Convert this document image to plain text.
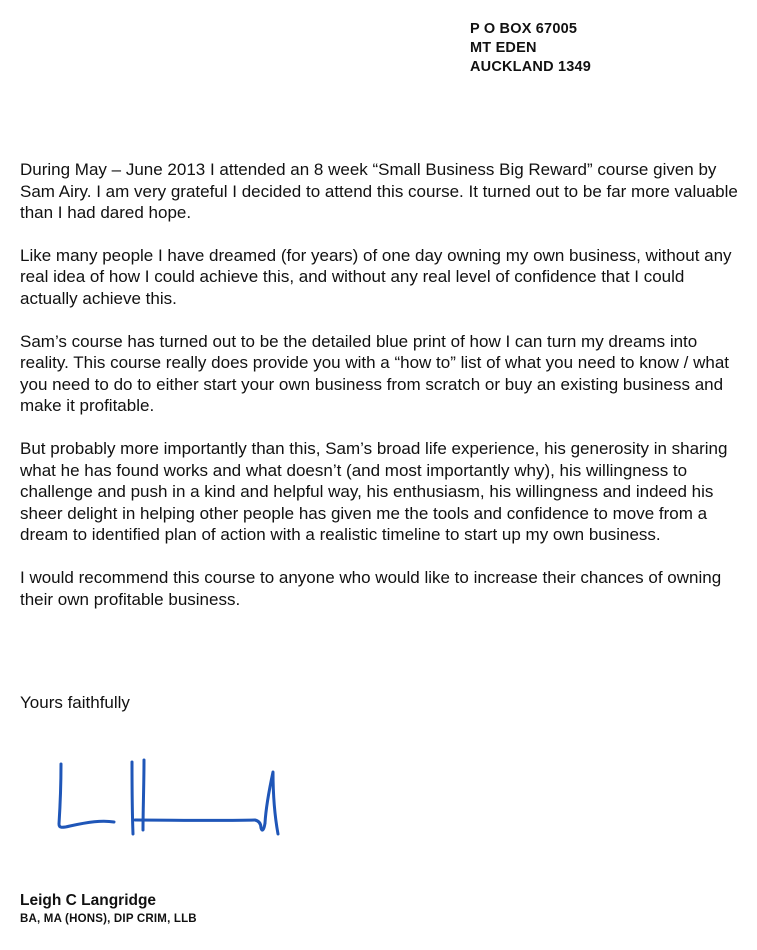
P O BOX 67005
MT EDEN
AUCKLAND 1349

During May – June 2013 I attended an 8 week “Small Business Big Reward” course given by Sam Airy. I am very grateful I decided to attend this course. It turned out to be far more valuable than I had dared hope.

Like many people I have dreamed (for years) of one day owning my own business, without any real idea of how I could achieve this, and without any real level of confidence that I could actually achieve this.

Sam’s course has turned out to be the detailed blue print of how I can turn my dreams into reality. This course really does provide you with a “how to” list of what you need to know / what you need to do to either start your own business from scratch or buy an existing business and make it profitable.

But probably more importantly than this, Sam’s broad life experience, his generosity in sharing what he has found works and what doesn’t (and most importantly why), his willingness to challenge and push in a kind and helpful way, his enthusiasm, his willingness and indeed his sheer delight in helping other people has given me the tools and confidence to move from a dream to identified plan of action with a realistic timeline to start up my own business.

I would recommend this course to anyone who would like to increase their chances of owning their own profitable business.

Yours faithfully
Leigh C Langridge
BA, MA (HONS), DIP CRIM, LLB
